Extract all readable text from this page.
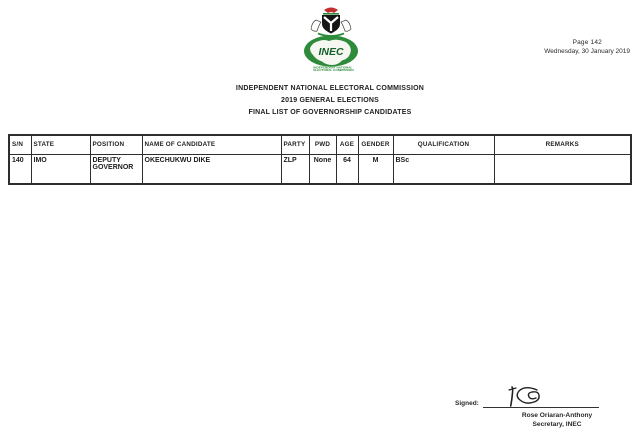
Page 142
Wednesday, 30 January 2019
INEC
INDEPENDENT NATIONAL
ELECTORAL COMMISSION
INDEPENDENT NATIONAL ELECTORAL COMMISSION
2019 GENERAL ELECTIONS
FINAL LIST OF GOVERNORSHIP CANDIDATES
S/N	STATE	POSITION	NAME OF CANDIDATE	PARTY	PWD	AGE	GENDER	QUALIFICATION	REMARKS
140	IMO	DEPUTY GOVERNOR	OKECHUKWU DIKE	ZLP	None	64	M	BSc	
Signed:
Rose Oriaran-Anthony
Secretary, INEC
